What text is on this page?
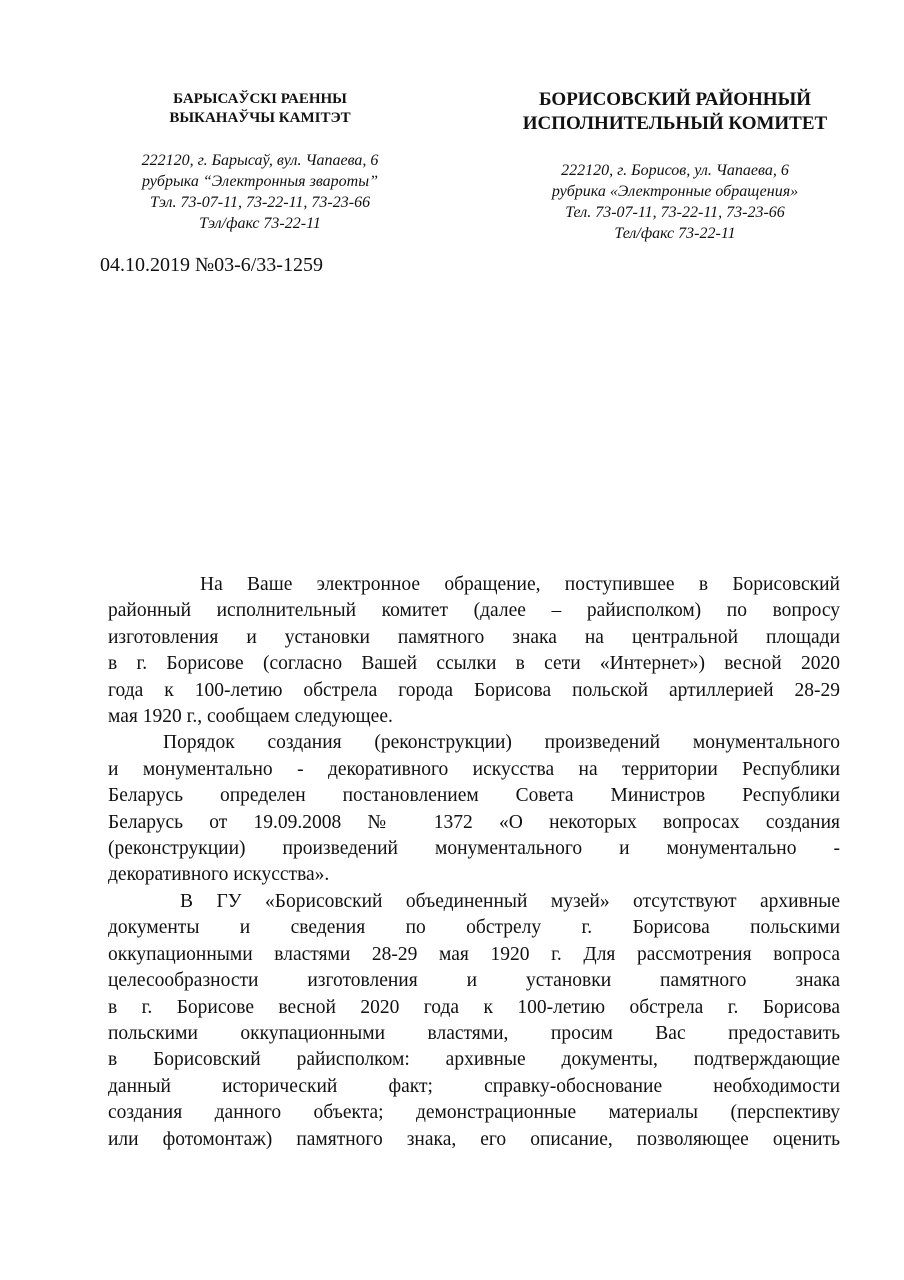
БАРЫСАЎСКІ РАЕННЫ
ВЫКАНАЎЧЫ КАМІТЭТ
222120, г. Барысаў, вул. Чапаева, 6
рубрыка “Электронныя звароты”
Тэл. 73-07-11, 73-22-11, 73-23-66
Тэл/факс 73-22-11
БОРИСОВСКИЙ РАЙОННЫЙ
ИСПОЛНИТЕЛЬНЫЙ КОМИТЕТ
222120, г. Борисов, ул. Чапаева, 6
рубрика «Электронные обращения»
Тел. 73-07-11, 73-22-11, 73-23-66
Тел/факс 73-22-11
04.10.2019 №03-6/33-1259
На Ваше электронное обращение, поступившее в Борисовский
районный исполнительный комитет (далее – райисполком) по вопросу
изготовления и установки памятного знака на центральной площади
в г. Борисове (согласно Вашей ссылки в сети «Интернет») весной 2020
года к 100-летию обстрела города Борисова польской артиллерией 28-29
мая 1920 г., сообщаем следующее.
Порядок создания (реконструкции) произведений монументального
и монументально - декоративного искусства на территории Республики
Беларусь определен постановлением Совета Министров Республики
Беларусь от 19.09.2008 № 1372 «О некоторых вопросах создания
(реконструкции) произведений монументального и монументально -
декоративного искусства».
В ГУ «Борисовский объединенный музей» отсутствуют архивные
документы и сведения по обстрелу г. Борисова польскими
оккупационными властями 28-29 мая 1920 г. Для рассмотрения вопроса
целесообразности изготовления и установки памятного знака
в г. Борисове весной 2020 года к 100-летию обстрела г. Борисова
польскими оккупационными властями, просим Вас предоставить
в Борисовский райисполком: архивные документы, подтверждающие
данный исторический факт; справку-обоснование необходимости
создания данного объекта; демонстрационные материалы (перспективу
или фотомонтаж) памятного знака, его описание, позволяющее оценить
